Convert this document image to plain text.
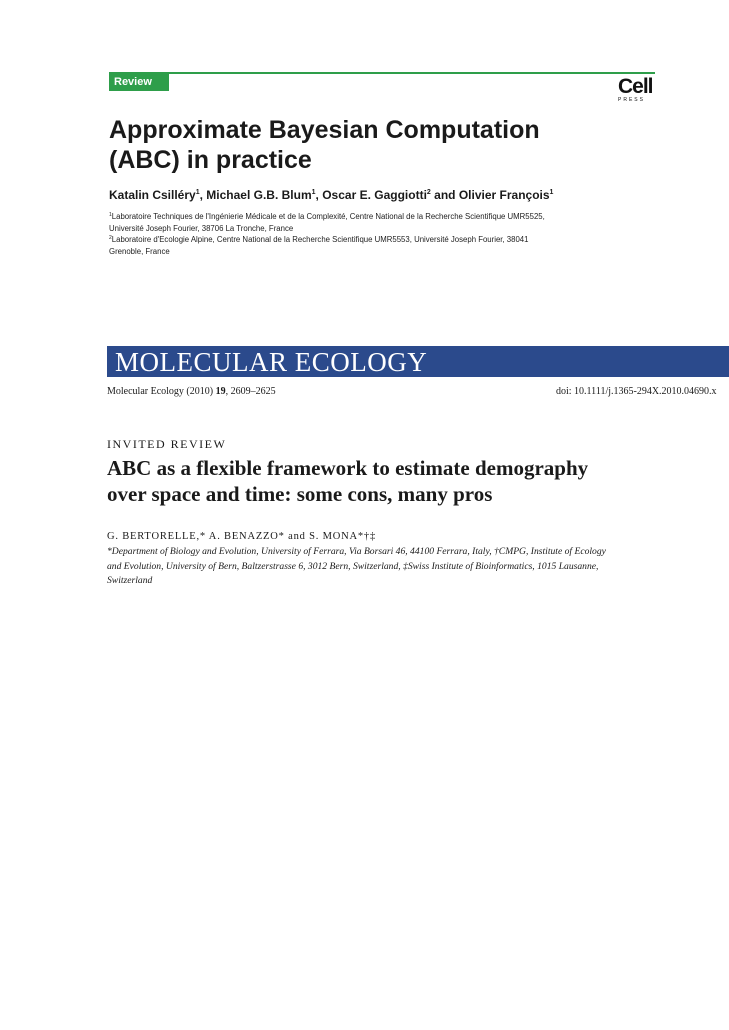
Review	Cell
PRESS
Approximate Bayesian Computation
(ABC) in practice
Katalin Csilléry$^1$, Michael G.B. Blum$^1$, Oscar E. Gaggiotti$^2$ and Olivier François$^1$
$^1$Laboratoire Techniques de l'Ingénierie Médicale et de la Complexité, Centre National de la Recherche Scientifique UMR5525,
Université Joseph Fourier, 38706 La Tronche, France
$^2$Laboratoire d'Ecologie Alpine, Centre National de la Recherche Scientifique UMR5553, Université Joseph Fourier, 38041
Grenoble, France
MOLECULAR ECOLOGY
Molecular Ecology (2010) 19, 2609–2625	doi: 10.1111/j.1365-294X.2010.04690.x
INVITED REVIEW
ABC as a flexible framework to estimate demography
over space and time: some cons, many pros
G. BERTORELLE,* A. BENAZZO* and S. MONA*†‡
*Department of Biology and Evolution, University of Ferrara, Via Borsari 46, 44100 Ferrara, Italy, †CMPG, Institute of Ecology
and Evolution, University of Bern, Baltzerstrasse 6, 3012 Bern, Switzerland, ‡Swiss Institute of Bioinformatics, 1015 Lausanne,
Switzerland
